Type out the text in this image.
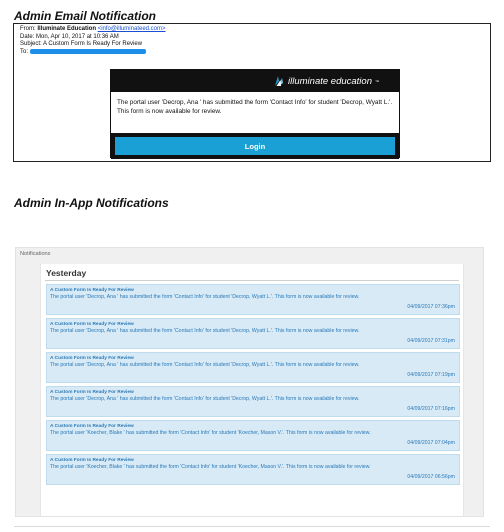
Admin Email Notification
From: Illuminate Education <info@illuminateed.com>
Date: Mon, Apr 10, 2017 at 10:36 AM
Subject: A Custom Form Is Ready For Review
To:
illuminate education ™
The portal user 'Decrop, Ana ' has submitted the form 'Contact Info' for student 'Decrop, Wyatt L.'. This form is now available for review.
Login
Admin In-App Notifications
Notifications
Yesterday
A Custom Form Is Ready For Review
The portal user 'Decrop, Ana ' has submitted the form 'Contact Info' for student 'Decrop, Wyatt L.'. This form is now available for review.
04/09/2017 07:36pm
A Custom Form Is Ready For Review
The portal user 'Decrop, Ana ' has submitted the form 'Contact Info' for student 'Decrop, Wyatt L.'. This form is now available for review.
04/09/2017 07:31pm
A Custom Form Is Ready For Review
The portal user 'Decrop, Ana ' has submitted the form 'Contact Info' for student 'Decrop, Wyatt L.'. This form is now available for review.
04/09/2017 07:19pm
A Custom Form Is Ready For Review
The portal user 'Decrop, Ana ' has submitted the form 'Contact Info' for student 'Decrop, Wyatt L.'. This form is now available for review.
04/09/2017 07:16pm
A Custom Form Is Ready For Review
The portal user 'Koecher, Blake ' has submitted the form 'Contact Info' for student 'Koecher, Mason V.'. This form is now available for review.
04/09/2017 07:04pm
A Custom Form Is Ready For Review
The portal user 'Koecher, Blake ' has submitted the form 'Contact Info' for student 'Koecher, Mason V.'. This form is now available for review.
04/09/2017 06:56pm
